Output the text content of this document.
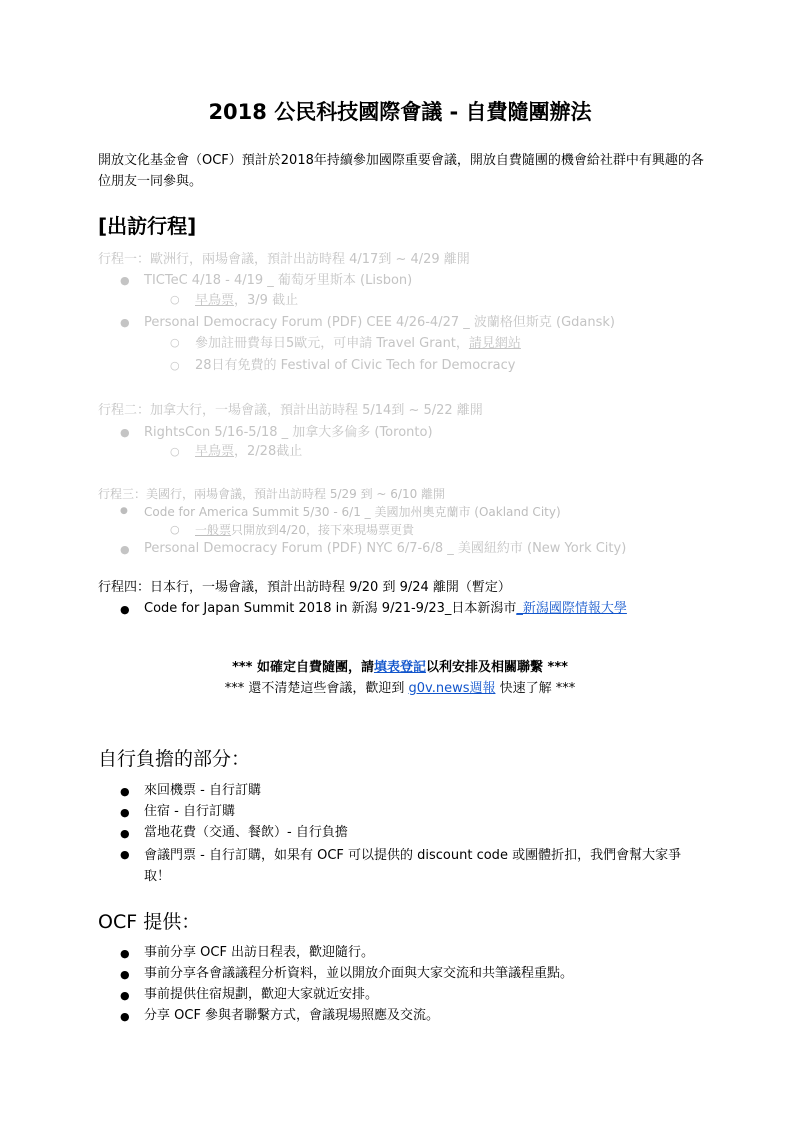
2018 公民科技國際會議 - 自費隨團辦法
開放文化基金會（OCF）預計於2018年持續參加國際重要會議，開放自費隨團的機會給社群中有興趣的各位朋友一同參與。
[出訪行程]
行程一：歐洲行，兩場會議，預計出訪時程 4/17到 ~ 4/29 離開
● TICTeC 4/18 - 4/19 _ 葡萄牙里斯本 (Lisbon)
○ 早鳥票，3/9 截止
● Personal Democracy Forum (PDF) CEE 4/26-4/27 _ 波蘭格但斯克 (Gdansk)
○ 參加註冊費每日5歐元，可申請 Travel Grant，請見網站
○ 28日有免費的 Festival of Civic Tech for Democracy
行程二：加拿大行，一場會議，預計出訪時程 5/14到 ~ 5/22 離開
● RightsCon 5/16-5/18 _ 加拿大多倫多 (Toronto)
○ 早鳥票，2/28截止
行程三：美國行，兩場會議，預計出訪時程 5/29 到 ~ 6/10 離開
● Code for America Summit 5/30 - 6/1 _ 美國加州奧克蘭市 (Oakland City)
○ 一般票只開放到4/20，接下來現場票更貴
● Personal Democracy Forum (PDF) NYC 6/7-6/8 _ 美國紐約市 (New York City)
行程四：日本行，一場會議，預計出訪時程 9/20 到 9/24 離開（暫定）
● Code for Japan Summit 2018 in 新潟 9/21-9/23_日本新潟市_新潟國際情報大學
*** 如確定自費隨團，請填表登記以利安排及相關聯繫 ***
*** 還不清楚這些會議，歡迎到 g0v.news週報 快速了解 ***
自行負擔的部分：
● 來回機票 - 自行訂購
● 住宿 - 自行訂購
● 當地花費（交通、餐飲）- 自行負擔
● 會議門票 - 自行訂購，如果有 OCF 可以提供的 discount code 或團體折扣，我們會幫大家爭取！
OCF 提供：
● 事前分享 OCF 出訪日程表，歡迎隨行。
● 事前分享各會議議程分析資料，並以開放介面與大家交流和共筆議程重點。
● 事前提供住宿規劃，歡迎大家就近安排。
● 分享 OCF 參與者聯繫方式，會議現場照應及交流。
